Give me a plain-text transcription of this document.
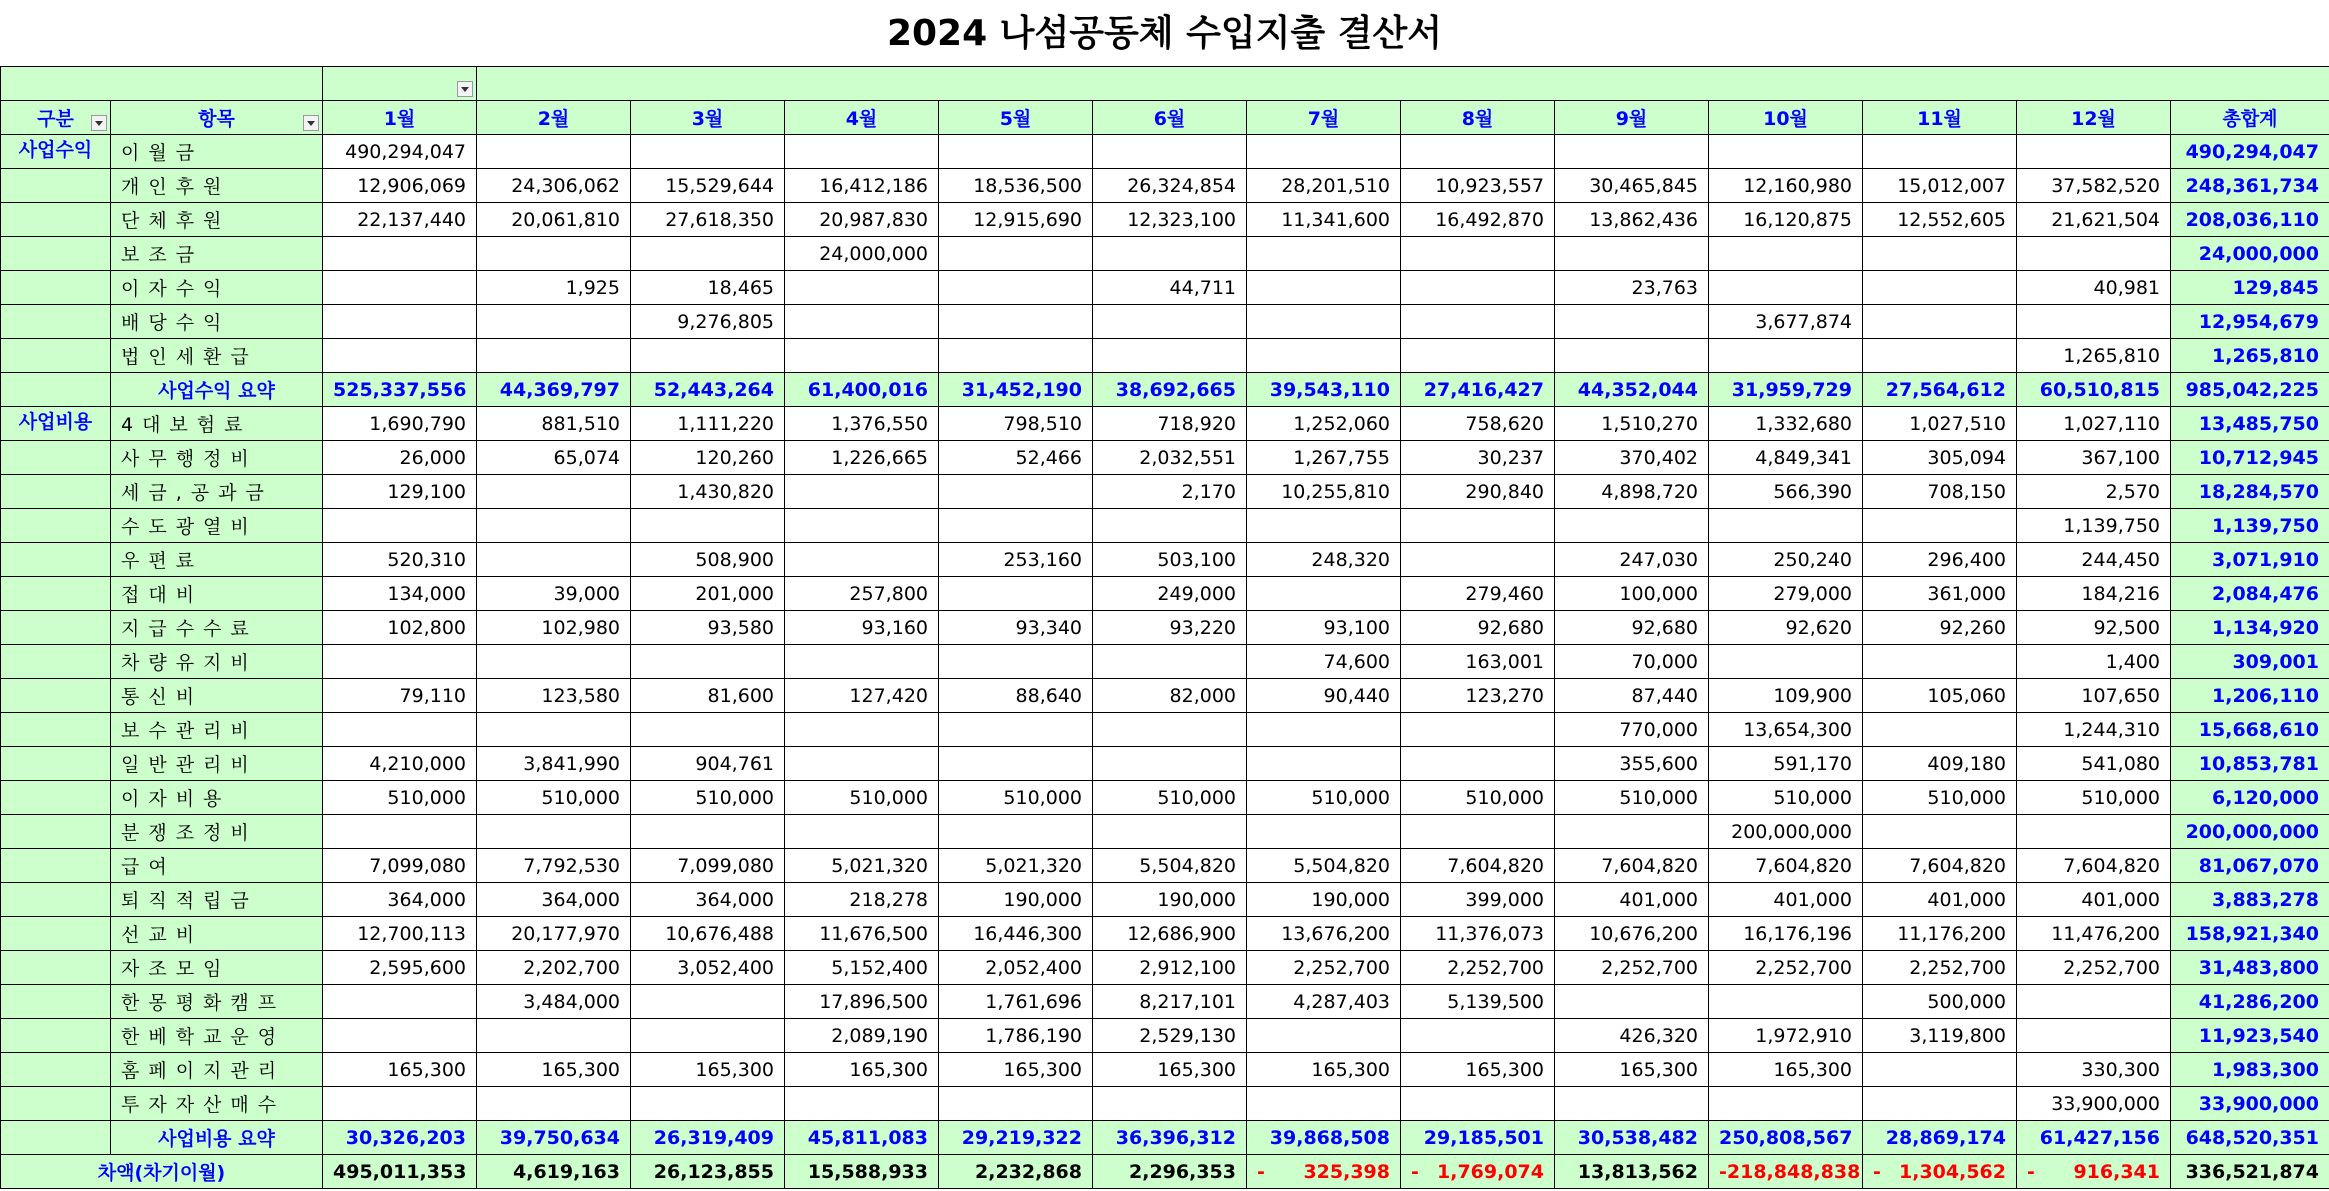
2024 나섬공동체 수입지출 결산서

구분	항목	1월	2월	3월	4월	5월	6월	7월	8월	9월	10월	11월	12월	총합계
사업수익	이월금	490,294,047												490,294,047
	개인후원	12,906,069	24,306,062	15,529,644	16,412,186	18,536,500	26,324,854	28,201,510	10,923,557	30,465,845	12,160,980	15,012,007	37,582,520	248,361,734
	단체후원	22,137,440	20,061,810	27,618,350	20,987,830	12,915,690	12,323,100	11,341,600	16,492,870	13,862,436	16,120,875	12,552,605	21,621,504	208,036,110
	보조금				24,000,000									24,000,000
	이자수익		1,925	18,465			44,711			23,763			40,981	129,845
	배당수익			9,276,805							3,677,874			12,954,679
	법인세환급												1,265,810	1,265,810
	사업수익 요약	525,337,556	44,369,797	52,443,264	61,400,016	31,452,190	38,692,665	39,543,110	27,416,427	44,352,044	31,959,729	27,564,612	60,510,815	985,042,225
사업비용	4대보험료	1,690,790	881,510	1,111,220	1,376,550	798,510	718,920	1,252,060	758,620	1,510,270	1,332,680	1,027,510	1,027,110	13,485,750
	사무행정비	26,000	65,074	120,260	1,226,665	52,466	2,032,551	1,267,755	30,237	370,402	4,849,341	305,094	367,100	10,712,945
	세금,공과금	129,100		1,430,820			2,170	10,255,810	290,840	4,898,720	566,390	708,150	2,570	18,284,570
	수도광열비												1,139,750	1,139,750
	우편료	520,310		508,900		253,160	503,100	248,320		247,030	250,240	296,400	244,450	3,071,910
	접대비	134,000	39,000	201,000	257,800		249,000		279,460	100,000	279,000	361,000	184,216	2,084,476
	지급수수료	102,800	102,980	93,580	93,160	93,340	93,220	93,100	92,680	92,680	92,620	92,260	92,500	1,134,920
	차량유지비							74,600	163,001	70,000			1,400	309,001
	통신비	79,110	123,580	81,600	127,420	88,640	82,000	90,440	123,270	87,440	109,900	105,060	107,650	1,206,110
	보수관리비									770,000	13,654,300		1,244,310	15,668,610
	일반관리비	4,210,000	3,841,990	904,761						355,600	591,170	409,180	541,080	10,853,781
	이자비용	510,000	510,000	510,000	510,000	510,000	510,000	510,000	510,000	510,000	510,000	510,000	510,000	6,120,000
	분쟁조정비										200,000,000			200,000,000
	급여	7,099,080	7,792,530	7,099,080	5,021,320	5,021,320	5,504,820	5,504,820	7,604,820	7,604,820	7,604,820	7,604,820	7,604,820	81,067,070
	퇴직적립금	364,000	364,000	364,000	218,278	190,000	190,000	190,000	399,000	401,000	401,000	401,000	401,000	3,883,278
	선교비	12,700,113	20,177,970	10,676,488	11,676,500	16,446,300	12,686,900	13,676,200	11,376,073	10,676,200	16,176,196	11,176,200	11,476,200	158,921,340
	자조모임	2,595,600	2,202,700	3,052,400	5,152,400	2,052,400	2,912,100	2,252,700	2,252,700	2,252,700	2,252,700	2,252,700	2,252,700	31,483,800
	한몽평화캠프		3,484,000		17,896,500	1,761,696	8,217,101	4,287,403	5,139,500			500,000		41,286,200
	한베학교운영				2,089,190	1,786,190	2,529,130			426,320	1,972,910	3,119,800		11,923,540
	홈페이지관리	165,300	165,300	165,300	165,300	165,300	165,300	165,300	165,300	165,300	165,300		330,300	1,983,300
	투자자산매수												33,900,000	33,900,000
	사업비용 요약	30,326,203	39,750,634	26,319,409	45,811,083	29,219,322	36,396,312	39,868,508	29,185,501	30,538,482	250,808,567	28,869,174	61,427,156	648,520,351
차액(차기이월)		495,011,353	4,619,163	26,123,855	15,588,933	2,232,868	2,296,353	- 325,398	- 1,769,074	13,813,562	- 218,848,838	- 1,304,562	- 916,341	336,521,874
